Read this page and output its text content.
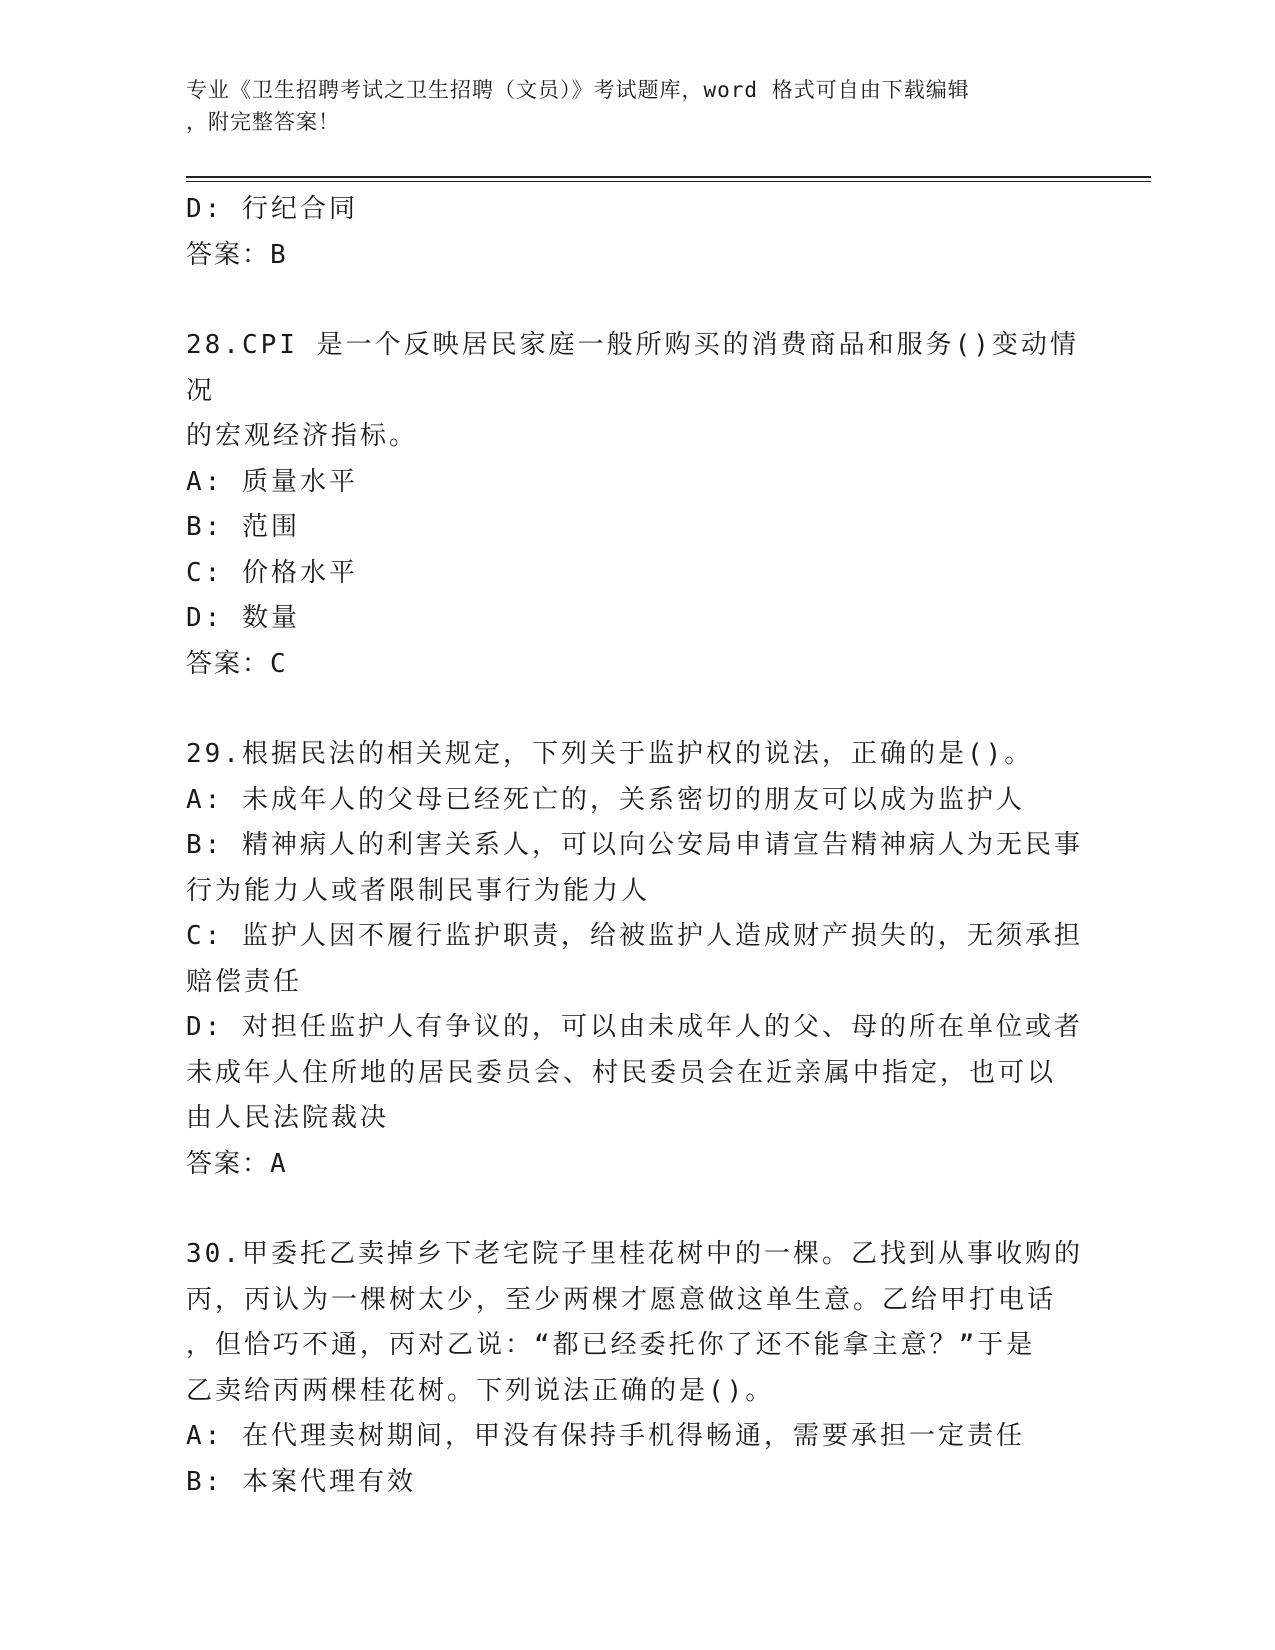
专业《卫生招聘考试之卫生招聘（文员）》考试题库，word 格式可自由下载编辑
，附完整答案！
D: 行纪合同
答案：B
28.CPI 是一个反映居民家庭一般所购买的消费商品和服务()变动情况
的宏观经济指标。
A: 质量水平
B: 范围
C: 价格水平
D: 数量
答案：C
29.根据民法的相关规定，下列关于监护权的说法，正确的是()。
A: 未成年人的父母已经死亡的，关系密切的朋友可以成为监护人
B: 精神病人的利害关系人，可以向公安局申请宣告精神病人为无民事
行为能力人或者限制民事行为能力人
C: 监护人因不履行监护职责，给被监护人造成财产损失的，无须承担
赔偿责任
D: 对担任监护人有争议的，可以由未成年人的父、母的所在单位或者
未成年人住所地的居民委员会、村民委员会在近亲属中指定，也可以
由人民法院裁决
答案：A
30.甲委托乙卖掉乡下老宅院子里桂花树中的一棵。乙找到从事收购的
丙，丙认为一棵树太少，至少两棵才愿意做这单生意。乙给甲打电话
，但恰巧不通，丙对乙说：“都已经委托你了还不能拿主意？”于是
乙卖给丙两棵桂花树。下列说法正确的是()。
A: 在代理卖树期间，甲没有保持手机得畅通，需要承担一定责任
B: 本案代理有效
